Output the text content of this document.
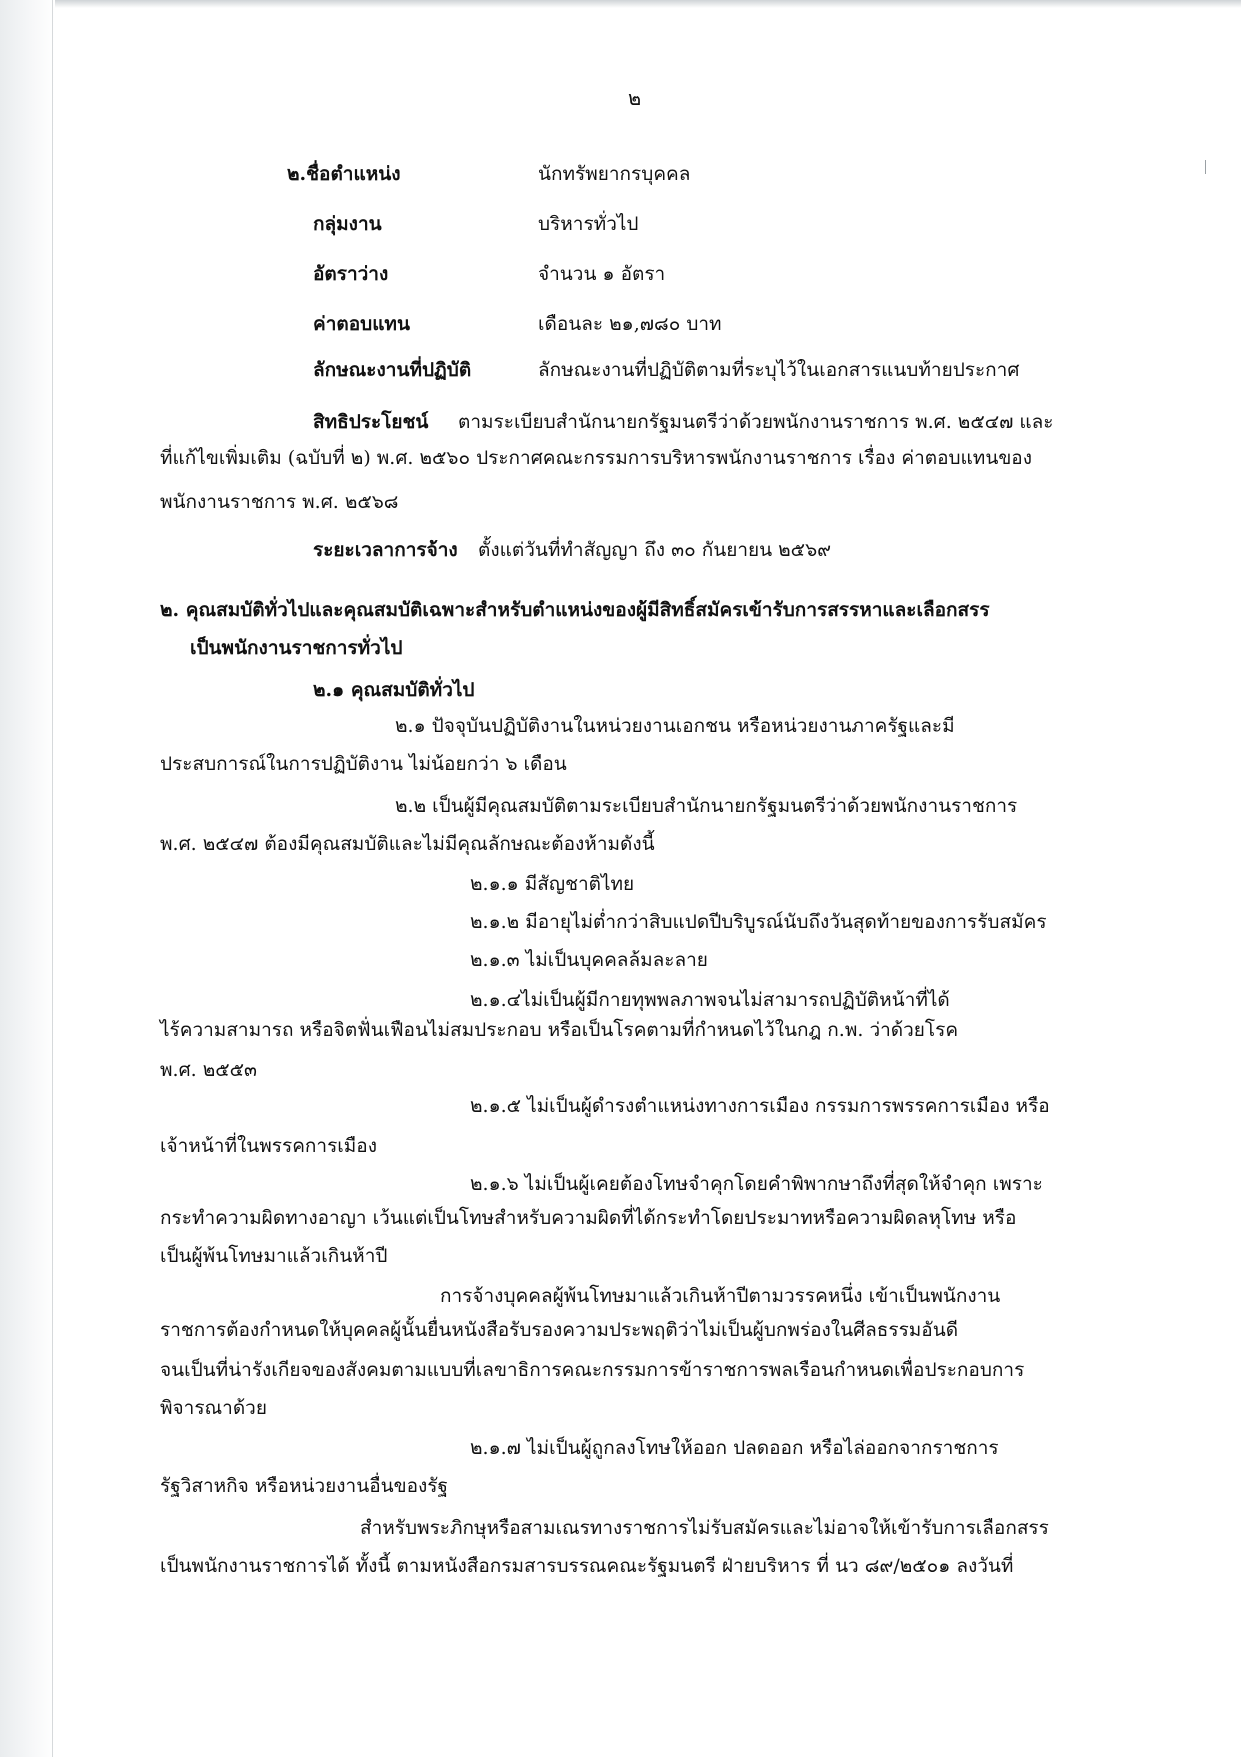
๒
๒.ชื่อตำแหน่ง	นักทรัพยากรบุคคล
กลุ่มงาน	บริหารทั่วไป
อัตราว่าง	จำนวน ๑ อัตรา
ค่าตอบแทน	เดือนละ ๒๑,๗๘๐ บาท
ลักษณะงานที่ปฏิบัติ	ลักษณะงานที่ปฏิบัติตามที่ระบุไว้ในเอกสารแนบท้ายประกาศ
สิทธิประโยชน์ ตามระเบียบสำนักนายกรัฐมนตรีว่าด้วยพนักงานราชการ พ.ศ. ๒๕๔๗ และ
ที่แก้ไขเพิ่มเติม (ฉบับที่ ๒) พ.ศ. ๒๕๖๐ ประกาศคณะกรรมการบริหารพนักงานราชการ เรื่อง ค่าตอบแทนของ
พนักงานราชการ พ.ศ. ๒๕๖๘
ระยะเวลาการจ้าง ตั้งแต่วันที่ทำสัญญา ถึง ๓๐ กันยายน ๒๕๖๙
๒. คุณสมบัติทั่วไปและคุณสมบัติเฉพาะสำหรับตำแหน่งของผู้มีสิทธิ์สมัครเข้ารับการสรรหาและเลือกสรร
เป็นพนักงานราชการทั่วไป
๒.๑ คุณสมบัติทั่วไป
๒.๑ ปัจจุบันปฏิบัติงานในหน่วยงานเอกชน หรือหน่วยงานภาครัฐและมี
ประสบการณ์ในการปฏิบัติงาน ไม่น้อยกว่า ๖ เดือน
๒.๒ เป็นผู้มีคุณสมบัติตามระเบียบสำนักนายกรัฐมนตรีว่าด้วยพนักงานราชการ
พ.ศ. ๒๕๔๗ ต้องมีคุณสมบัติและไม่มีคุณลักษณะต้องห้ามดังนี้
๒.๑.๑ มีสัญชาติไทย
๒.๑.๒ มีอายุไม่ต่ำกว่าสิบแปดปีบริบูรณ์นับถึงวันสุดท้ายของการรับสมัคร
๒.๑.๓ ไม่เป็นบุคคลล้มละลาย
๒.๑.๔ไม่เป็นผู้มีกายทุพพลภาพจนไม่สามารถปฏิบัติหน้าที่ได้
ไร้ความสามารถ หรือจิตฟั่นเฟือนไม่สมประกอบ หรือเป็นโรคตามที่กำหนดไว้ในกฎ ก.พ. ว่าด้วยโรค
พ.ศ. ๒๕๕๓
๒.๑.๕ ไม่เป็นผู้ดำรงตำแหน่งทางการเมือง กรรมการพรรคการเมือง หรือ
เจ้าหน้าที่ในพรรคการเมือง
๒.๑.๖ ไม่เป็นผู้เคยต้องโทษจำคุกโดยคำพิพากษาถึงที่สุดให้จำคุก เพราะ
กระทำความผิดทางอาญา เว้นแต่เป็นโทษสำหรับความผิดที่ได้กระทำโดยประมาทหรือความผิดลหุโทษ หรือ
เป็นผู้พ้นโทษมาแล้วเกินห้าปี
การจ้างบุคคลผู้พ้นโทษมาแล้วเกินห้าปีตามวรรคหนึ่ง เข้าเป็นพนักงาน
ราชการต้องกำหนดให้บุคคลผู้นั้นยื่นหนังสือรับรองความประพฤติว่าไม่เป็นผู้บกพร่องในศีลธรรมอันดี
จนเป็นที่น่ารังเกียจของสังคมตามแบบที่เลขาธิการคณะกรรมการข้าราชการพลเรือนกำหนดเพื่อประกอบการ
พิจารณาด้วย
๒.๑.๗ ไม่เป็นผู้ถูกลงโทษให้ออก ปลดออก หรือไล่ออกจากราชการ
รัฐวิสาหกิจ หรือหน่วยงานอื่นของรัฐ
สำหรับพระภิกษุหรือสามเณรทางราชการไม่รับสมัครและไม่อาจให้เข้ารับการเลือกสรร
เป็นพนักงานราชการได้ ทั้งนี้ ตามหนังสือกรมสารบรรณคณะรัฐมนตรี ฝ่ายบริหาร ที่ นว ๘๙/๒๕๐๑ ลงวันที่
